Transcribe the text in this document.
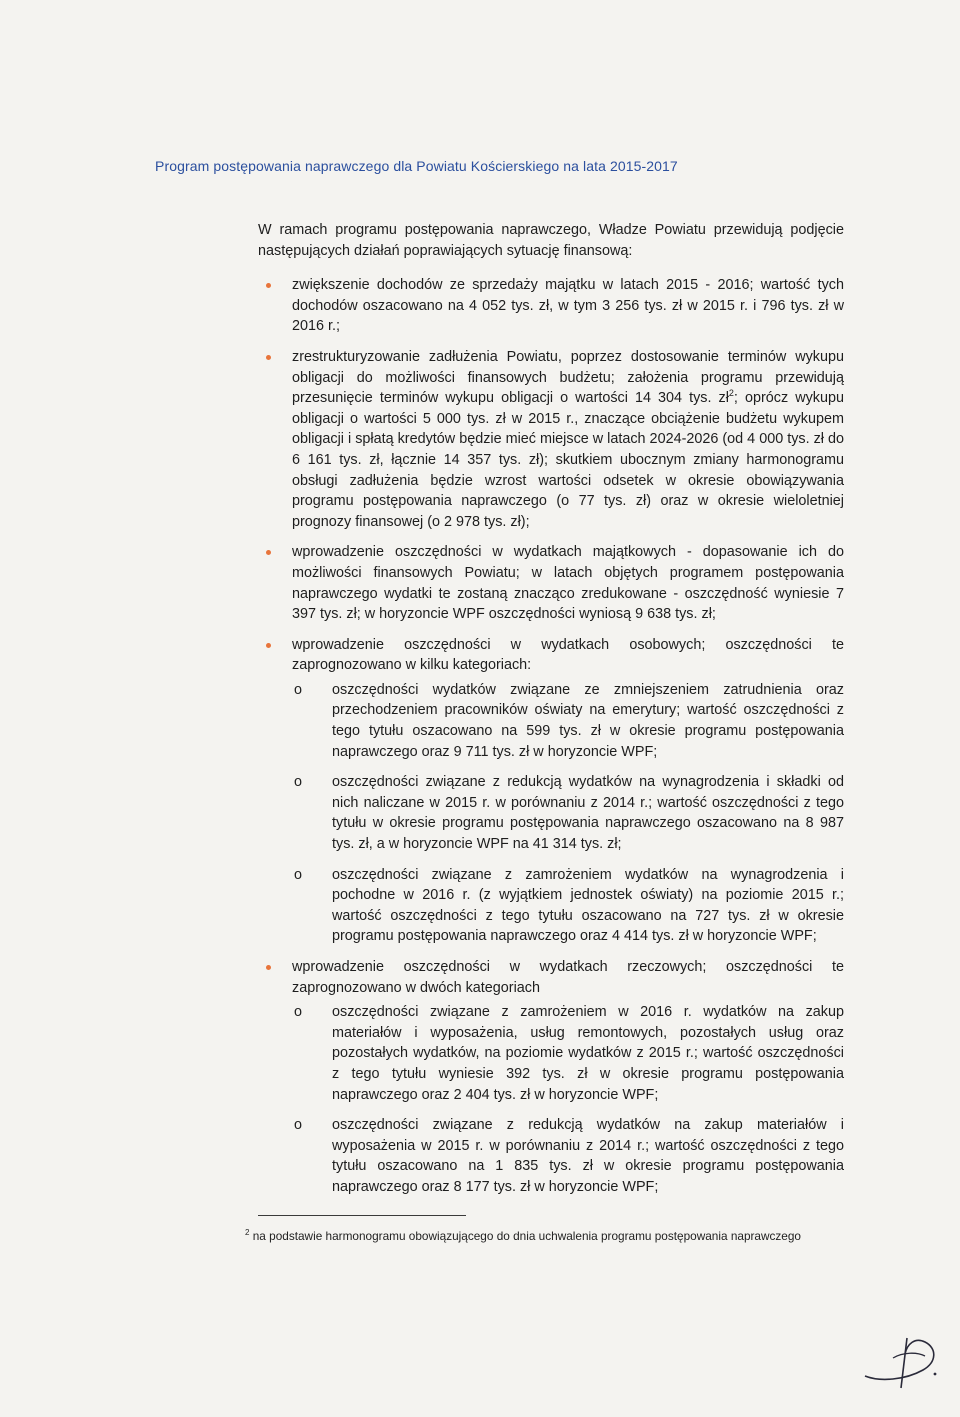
Program postępowania naprawczego dla Powiatu Kościerskiego na lata 2015-2017

W ramach programu postępowania naprawczego, Władze Powiatu przewidują podjęcie następujących działań poprawiających sytuację finansową:

zwiększenie dochodów ze sprzedaży majątku w latach 2015 - 2016; wartość tych dochodów oszacowano na 4 052 tys. zł, w tym 3 256 tys. zł w 2015 r. i 796 tys. zł w 2016 r.;
zrestrukturyzowanie zadłużenia Powiatu, poprzez dostosowanie terminów wykupu obligacji do możliwości finansowych budżetu; założenia programu przewidują przesunięcie terminów wykupu obligacji o wartości 14 304 tys. $zł^2$; oprócz wykupu obligacji o wartości 5 000 tys. zł w 2015 r., znaczące obciążenie budżetu wykupem obligacji i spłatą kredytów będzie mieć miejsce w latach 2024-2026 (od 4 000 tys. zł do 6 161 tys. zł, łącznie 14 357 tys. zł); skutkiem ubocznym zmiany harmonogramu obsługi zadłużenia będzie wzrost wartości odsetek w okresie obowiązywania programu postępowania naprawczego (o 77 tys. zł) oraz w okresie wieloletniej prognozy finansowej (o 2 978 tys. zł);
wprowadzenie oszczędności w wydatkach majątkowych - dopasowanie ich do możliwości finansowych Powiatu; w latach objętych programem postępowania naprawczego wydatki te zostaną znacząco zredukowane - oszczędność wyniesie 7 397 tys. zł; w horyzoncie WPF oszczędności wyniosą 9 638 tys. zł;
wprowadzenie oszczędności w wydatkach osobowych; oszczędności te zaprognozowano w kilku kategoriach:
o oszczędności wydatków związane ze zmniejszeniem zatrudnienia oraz przechodzeniem pracowników oświaty na emerytury; wartość oszczędności z tego tytułu oszacowano na 599 tys. zł w okresie programu postępowania naprawczego oraz 9 711 tys. zł w horyzoncie WPF;
o oszczędności związane z redukcją wydatków na wynagrodzenia i składki od nich naliczane w 2015 r. w porównaniu z 2014 r.; wartość oszczędności z tego tytułu w okresie programu postępowania naprawczego oszacowano na 8 987 tys. zł, a w horyzoncie WPF na 41 314 tys. zł;
o oszczędności związane z zamrożeniem wydatków na wynagrodzenia i pochodne w 2016 r. (z wyjątkiem jednostek oświaty) na poziomie 2015 r.; wartość oszczędności z tego tytułu oszacowano na 727 tys. zł w okresie programu postępowania naprawczego oraz 4 414 tys. zł w horyzoncie WPF;
wprowadzenie oszczędności w wydatkach rzeczowych; oszczędności te zaprognozowano w dwóch kategoriach
o oszczędności związane z zamrożeniem w 2016 r. wydatków na zakup materiałów i wyposażenia, usług remontowych, pozostałych usług oraz pozostałych wydatków, na poziomie wydatków z 2015 r.; wartość oszczędności z tego tytułu wyniesie 392 tys. zł w okresie programu postępowania naprawczego oraz 2 404 tys. zł w horyzoncie WPF;
o oszczędności związane z redukcją wydatków na zakup materiałów i wyposażenia w 2015 r. w porównaniu z 2014 r.; wartość oszczędności z tego tytułu oszacowano na 1 835 tys. zł w okresie programu postępowania naprawczego oraz 8 177 tys. zł w horyzoncie WPF;
$^2$ na podstawie harmonogramu obowiązującego do dnia uchwalenia programu postępowania naprawczego
